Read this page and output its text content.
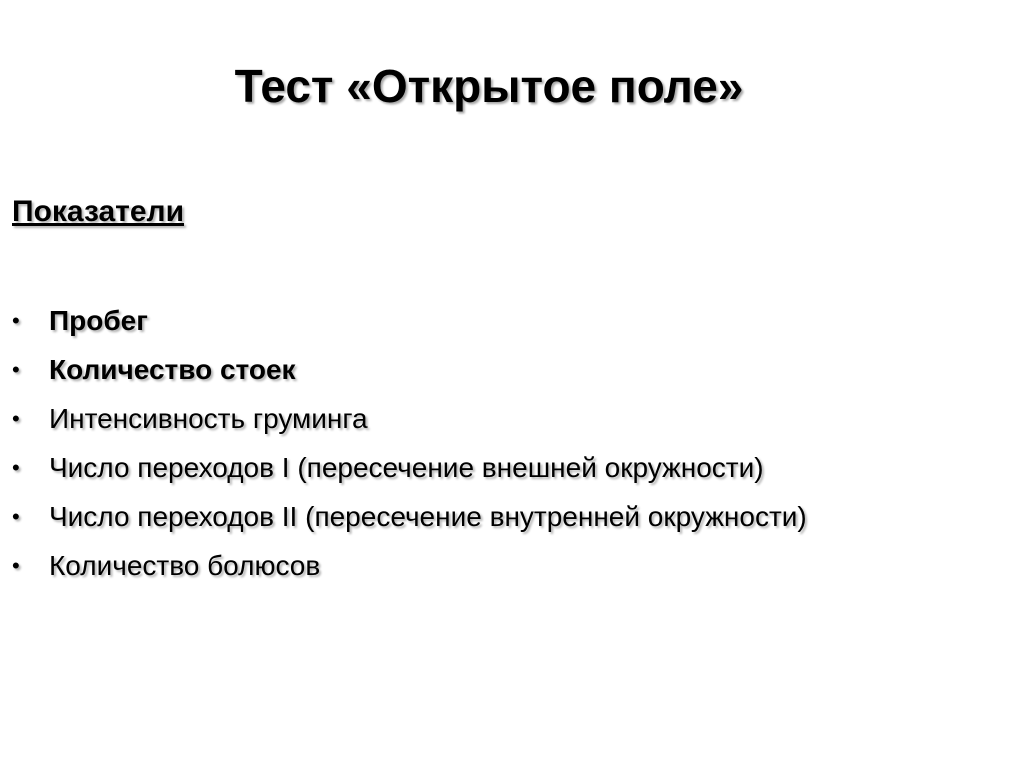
Тест «Открытое поле»
Показатели
• Пробег
• Количество стоек
• Интенсивность груминга
• Число переходов I (пересечение внешней окружности)
• Число переходов II (пересечение внутренней окружности)
• Количество болюсов
